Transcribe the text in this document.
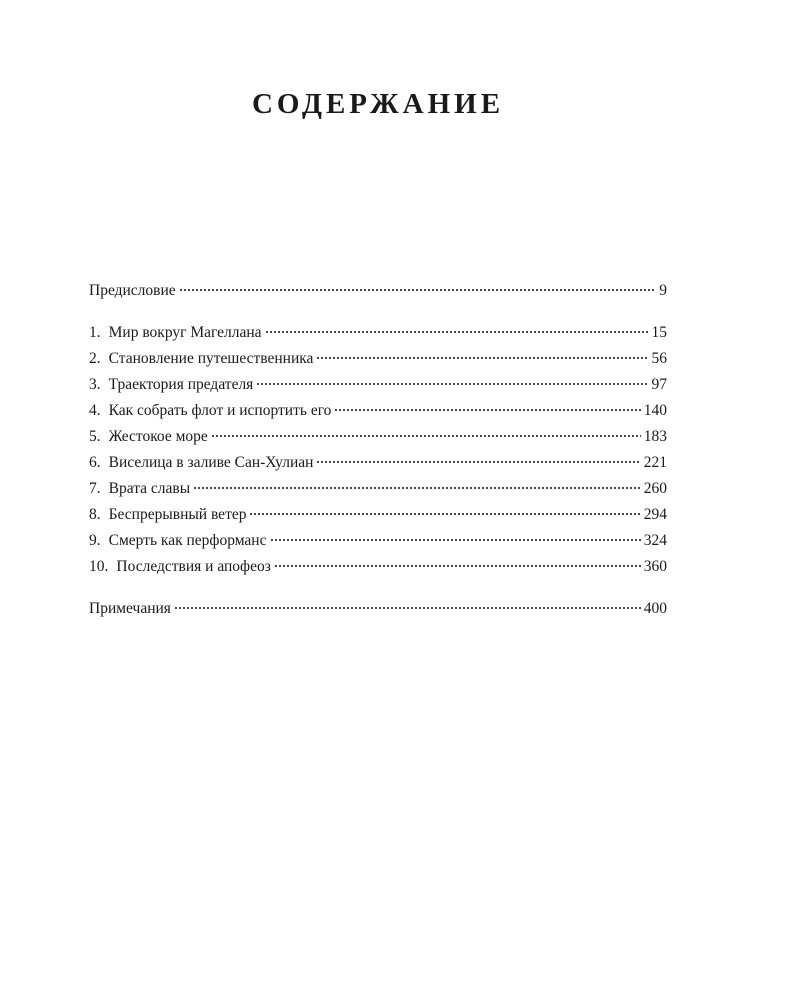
СОДЕРЖАНИЕ
Предисловие	9
1. Мир вокруг Магеллана	15
2. Становление путешественника	56
3. Траектория предателя	97
4. Как собрать флот и испортить его	140
5. Жестокое море	183
6. Виселица в заливе Сан-Хулиан	221
7. Врата славы	260
8. Беспрерывный ветер	294
9. Смерть как перформанс	324
10. Последствия и апофеоз	360
Примечания	400
